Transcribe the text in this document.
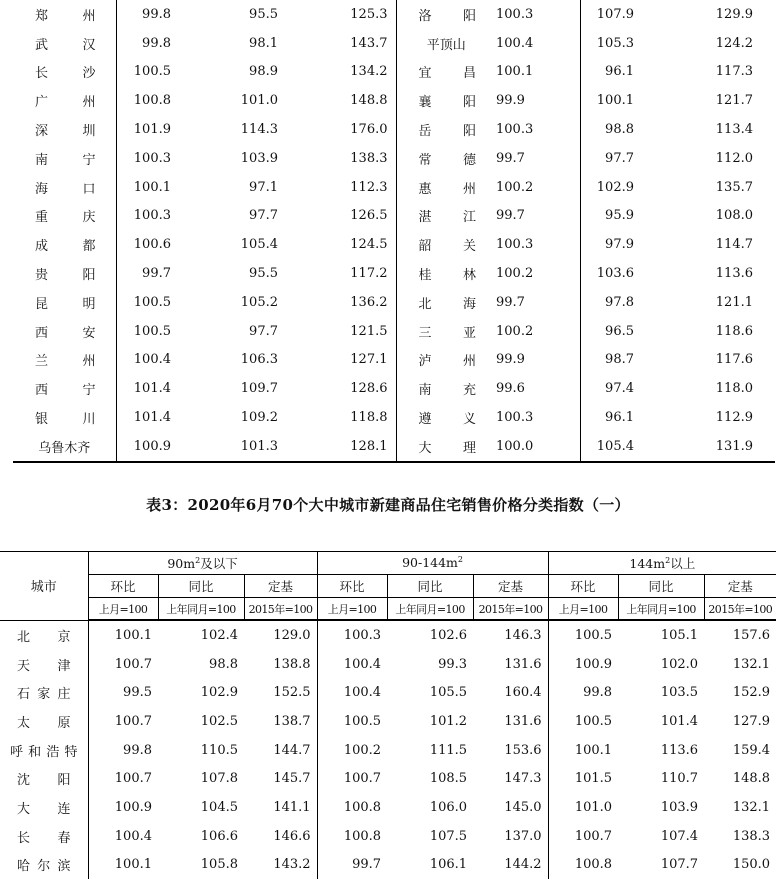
郑州	99.8	95.5	125.3	洛阳	100.3	107.9	129.9
武汉	99.8	98.1	143.7	平顶山	100.4	105.3	124.2
长沙	100.5	98.9	134.2	宜昌	100.1	96.1	117.3
广州	100.8	101.0	148.8	襄阳	99.9	100.1	121.7
深圳	101.9	114.3	176.0	岳阳	100.3	98.8	113.4
南宁	100.3	103.9	138.3	常德	99.7	97.7	112.0
海口	100.1	97.1	112.3	惠州	100.2	102.9	135.7
重庆	100.3	97.7	126.5	湛江	99.7	95.9	108.0
成都	100.6	105.4	124.5	韶关	100.3	97.9	114.7
贵阳	99.7	95.5	117.2	桂林	100.2	103.6	113.6
昆明	100.5	105.2	136.2	北海	99.7	97.8	121.1
西安	100.5	97.7	121.5	三亚	100.2	96.5	118.6
兰州	100.4	106.3	127.1	泸州	99.9	98.7	117.6
西宁	101.4	109.7	128.6	南充	99.6	97.4	118.0
银川	101.4	109.2	118.8	遵义	100.3	96.1	112.9
乌鲁木齐	100.9	101.3	128.1	大理	100.0	105.4	131.9
表3：2020年6月70个大中城市新建商品住宅销售价格分类指数（一）
城市	$90m^2$及以下			$90-144m^2$			$144m^2$以上		
	环比	同比	定基	环比	同比	定基	环比	同比	定基
	上月=100	上年同月=100	2015年=100	上月=100	上年同月=100	2015年=100	上月=100	上年同月=100	2015年=100
北京	100.1	102.4	129.0	100.3	102.6	146.3	100.5	105.1	157.6
天津	100.7	98.8	138.8	100.4	99.3	131.6	100.9	102.0	132.1
石家庄	99.5	102.9	152.5	100.4	105.5	160.4	99.8	103.5	152.9
太原	100.7	102.5	138.7	100.5	101.2	131.6	100.5	101.4	127.9
呼和浩特	99.8	110.5	144.7	100.2	111.5	153.6	100.1	113.6	159.4
沈阳	100.7	107.8	145.7	100.7	108.5	147.3	101.5	110.7	148.8
大连	100.9	104.5	141.1	100.8	106.0	145.0	101.0	103.9	132.1
长春	100.4	106.6	146.6	100.8	107.5	137.0	100.7	107.4	138.3
哈尔滨	100.1	105.8	143.2	99.7	106.1	144.2	100.8	107.7	150.0
